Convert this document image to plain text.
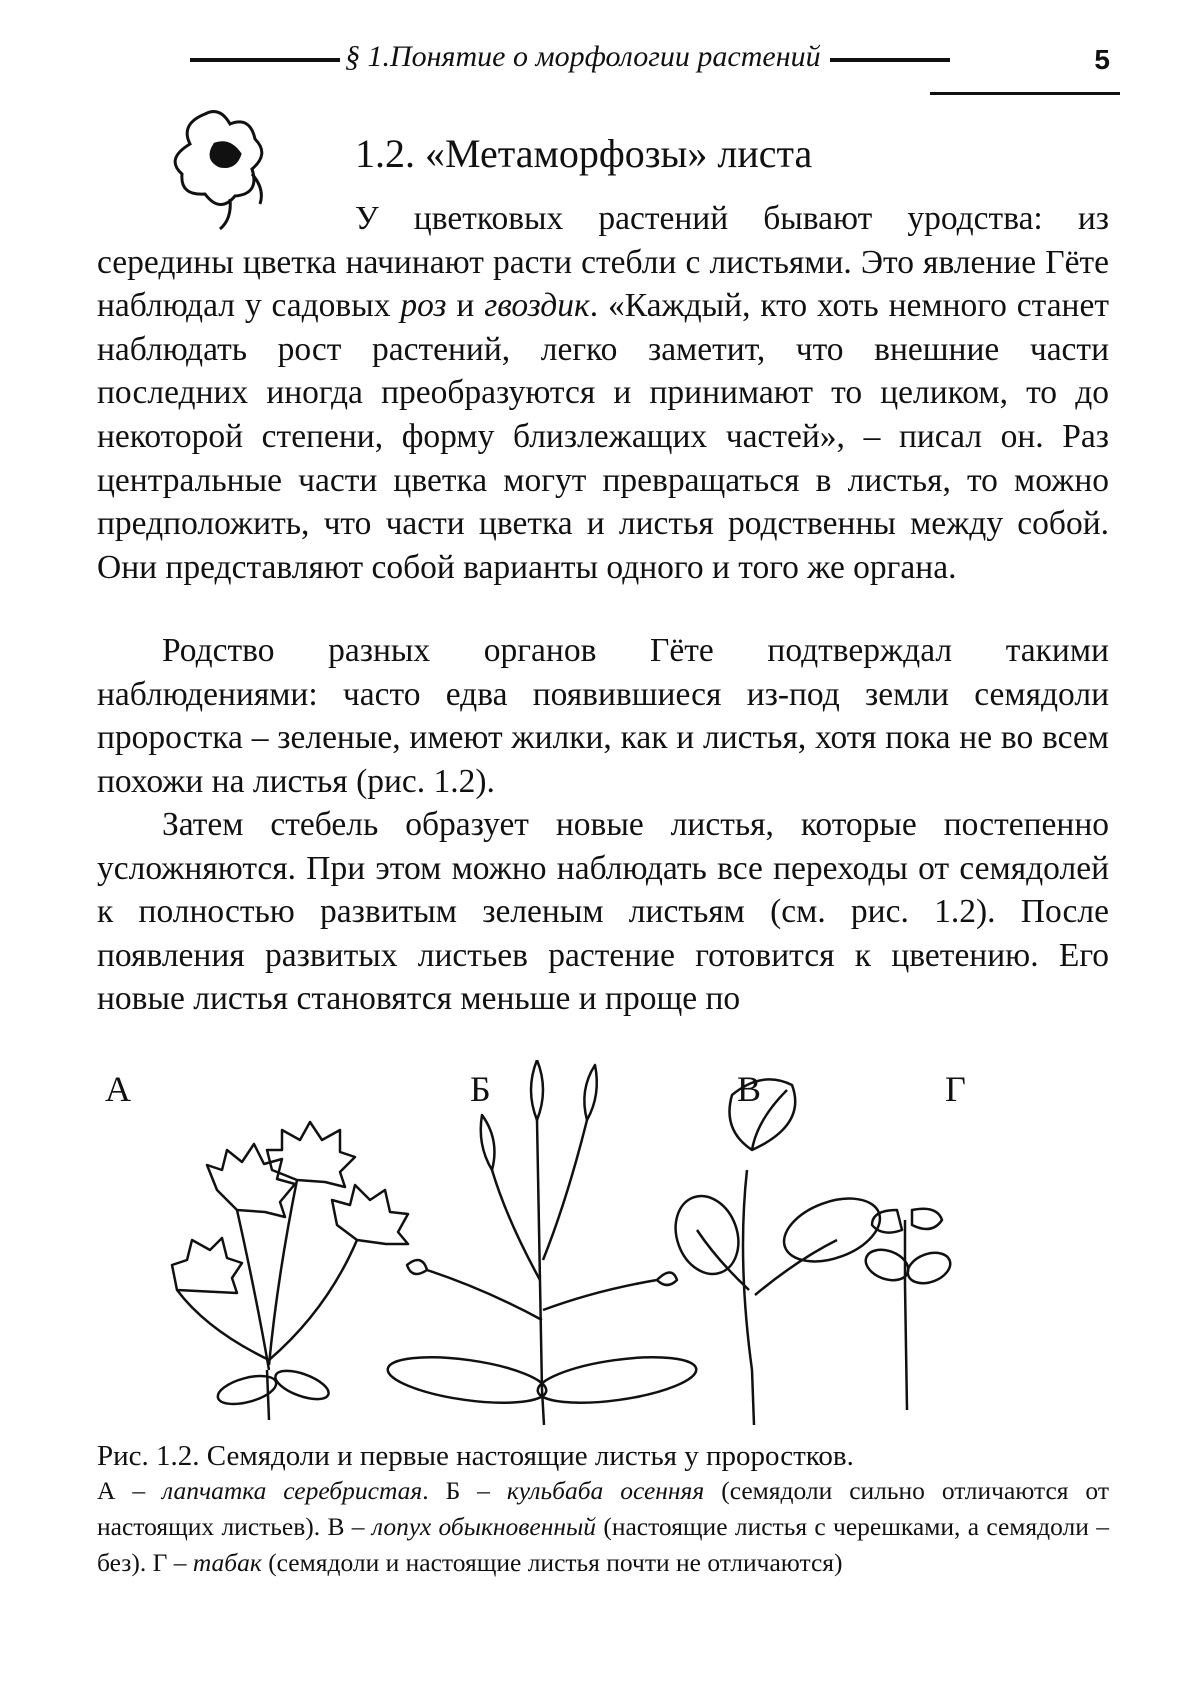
§ 1.Понятие о морфологии растений	5
1.2. «Метаморфозы» листа

У цветковых растений бывают уродства: из середины цветка начинают расти стебли с листьями. Это явление Гёте наблюдал у садовых роз и гвоздик. «Каждый, кто хоть немного станет наблюдать рост растений, легко заметит, что внешние части последних иногда преобразуются и принимают то целиком, то до некоторой степени, форму близлежащих частей», – писал он. Раз центральные части цветка могут превращаться в листья, то можно предположить, что части цветка и листья родственны между собой. Они представляют собой варианты одного и того же органа.

Родство разных органов Гёте подтверждал такими наблюдениями: часто едва появившиеся из-под земли семядоли проростка – зеленые, имеют жилки, как и листья, хотя пока не во всем похожи на листья (рис. 1.2).

Затем стебель образует новые листья, которые постепенно усложняются. При этом можно наблюдать все переходы от семядолей к полностью развитым зеленым листьям (см. рис. 1.2). После появления развитых листьев растение готовится к цветению. Его новые листья становятся меньше и проще по

А	Б	В	Г
Рис. 1.2. Семядоли и первые настоящие листья у проростков.
А – лапчатка серебристая. Б – кульбаба осенняя (семядоли сильно отличаются от настоящих листьев). В – лопух обыкновенный (настоящие листья с черешками, а семядоли – без). Г – табак (семядоли и настоящие листья почти не отличаются)
